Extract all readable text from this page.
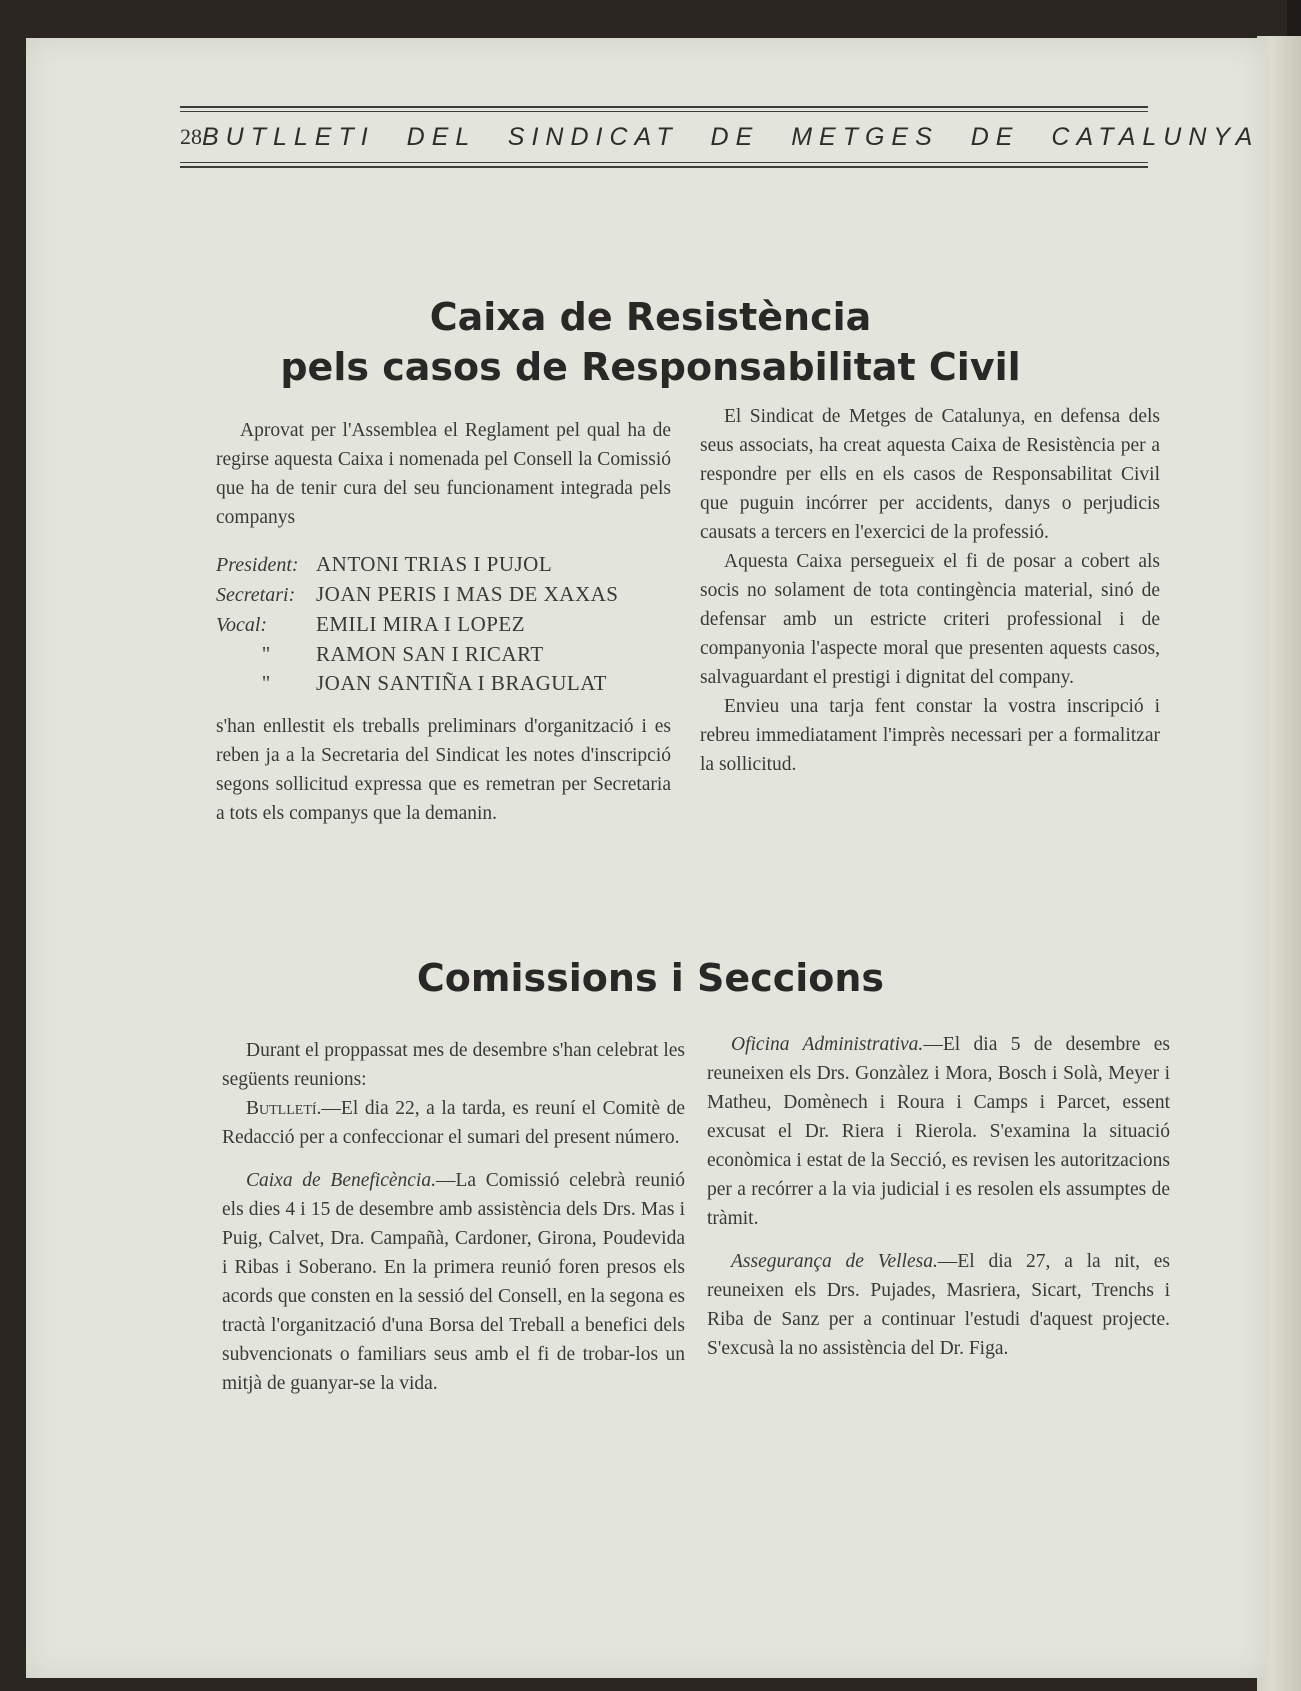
28 BUTLLETI DEL SINDICAT DE METGES DE CATALUNYA
Caixa de Resistència
pels casos de Responsabilitat Civil

Aprovat per l'Assemblea el Reglament pel qual ha de regirse aquesta Caixa i nomenada pel Consell la Comissió que ha de tenir cura del seu funcionament integrada pels companys

President: ANTONI TRIAS I PUJOL
Secretari: JOAN PERIS I MAS DE XAXAS
Vocal: EMILI MIRA I LOPEZ
" RAMON SAN I RICART
" JOAN SANTIÑA I BRAGULAT

s'han enllestit els treballs preliminars d'organització i es reben ja a la Secretaria del Sindicat les notes d'inscripció segons sollicitud expressa que es remetran per Secretaria a tots els companys que la demanin.

El Sindicat de Metges de Catalunya, en defensa dels seus associats, ha creat aquesta Caixa de Resistència per a respondre per ells en els casos de Responsabilitat Civil que puguin incórrer per accidents, danys o perjudicis causats a tercers en l'exercici de la professió.

Aquesta Caixa persegueix el fi de posar a cobert als socis no solament de tota contingència material, sinó de defensar amb un estricte criteri professional i de companyonia l'aspecte moral que presenten aquests casos, salvaguardant el prestigi i dignitat del company.

Envieu una tarja fent constar la vostra inscripció i rebreu immediatament l'imprès necessari per a formalitzar la sollicitud.

Comissions i Seccions

Durant el proppassat mes de desembre s'han celebrat les següents reunions:

Butlletí.—El dia 22, a la tarda, es reuní el Comitè de Redacció per a confeccionar el sumari del present número.

Caixa de Beneficència.—La Comissió celebrà reunió els dies 4 i 15 de desembre amb assistència dels Drs. Mas i Puig, Calvet, Dra. Campañà, Cardoner, Girona, Poudevida i Ribas i Soberano. En la primera reunió foren presos els acords que consten en la sessió del Consell, en la segona es tractà l'organització d'una Borsa del Treball a benefici dels subvencionats o familiars seus amb el fi de trobar-los un mitjà de guanyar-se la vida.

Oficina Administrativa.—El dia 5 de desembre es reuneixen els Drs. Gonzàlez i Mora, Bosch i Solà, Meyer i Matheu, Domènech i Roura i Camps i Parcet, essent excusat el Dr. Riera i Rierola. S'examina la situació econòmica i estat de la Secció, es revisen les autoritzacions per a recórrer a la via judicial i es resolen els assumptes de tràmit.

Assegurança de Vellesa.—El dia 27, a la nit, es reuneixen els Drs. Pujades, Masriera, Sicart, Trenchs i Riba de Sanz per a continuar l'estudi d'aquest projecte. S'excusà la no assistència del Dr. Figa.
